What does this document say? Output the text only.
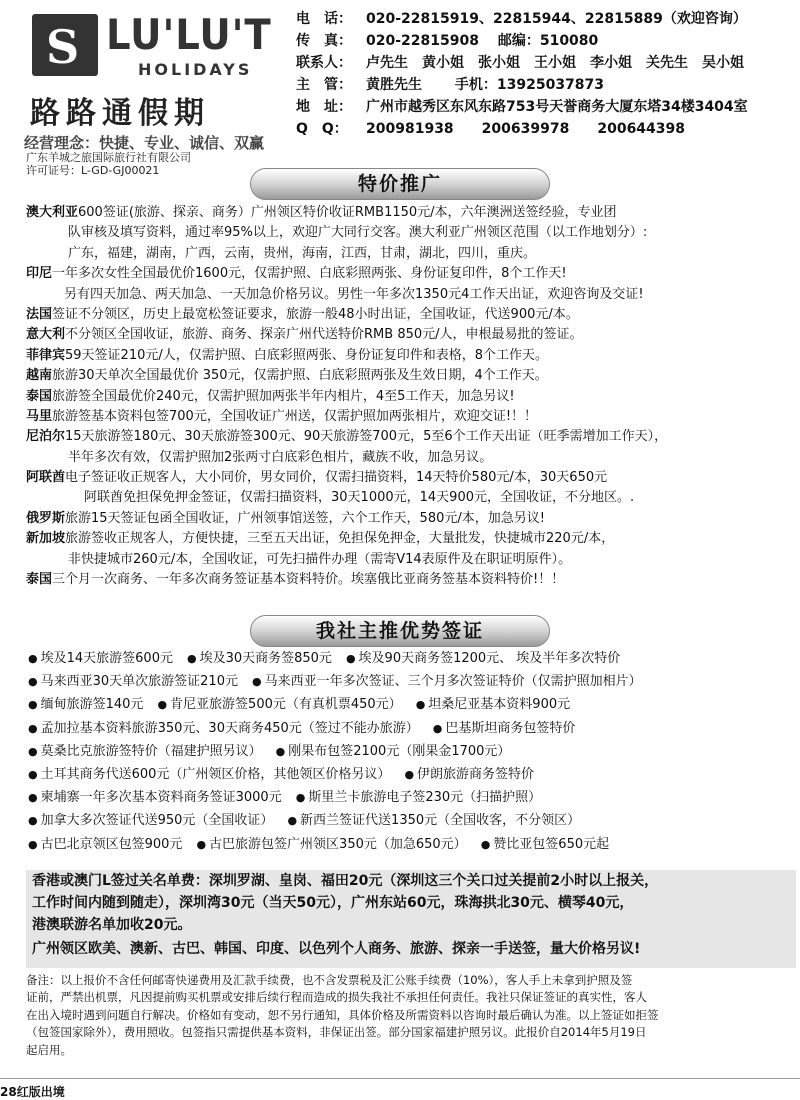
S LU'LU'T
HOLIDAYS
路路通假期
经营理念：快捷、专业、诚信、双赢
广东羊城之旅国际旅行社有限公司
许可证号：L-GD-GJ00021
电　话：	020-22815919、22815944、22815889（欢迎咨询）
传　真：	020-22815908　 邮编：510080
联系人：	卢先生　黄小姐　张小姐　王小姐　李小姐　关先生　吴小姐
主　管：	黄胜先生　　 手机：13925037873
地　址：	广州市越秀区东风东路753号天誉商务大厦东塔34楼3404室
Q　Q：	200981938　　200639978　　200644398
特价推广
澳大利亚600签证(旅游、探亲、商务）广州领区特价收证RMB1150元/本，六年澳洲送签经验，专业团
队审核及填写资料，通过率95%以上，欢迎广大同行交客。澳大利亚广州领区范围（以工作地划分）:
广东，福建，湖南，广西，云南，贵州，海南，江西，甘肃，湖北，四川，重庆。
印尼一年多次女性全国最优价1600元，仅需护照、白底彩照两张、身份证复印件，8个工作天!
另有四天加急、两天加急、一天加急价格另议。男性一年多次1350元4工作天出证，欢迎咨询及交证!
法国签证不分领区，历史上最宽松签证要求，旅游一般48小时出证，全国收证，代送900元/本。
意大利不分领区全国收证，旅游、商务、探亲广州代送特价RMB 850元/人，申根最易批的签证。
菲律宾59天签证210元/人，仅需护照、白底彩照两张、身份证复印件和表格，8个工作天。
越南旅游30天单次全国最优价 350元，仅需护照、白底彩照两张及生效日期，4个工作天。
泰国旅游签全国最优价240元，仅需护照加两张半年内相片，4至5工作天，加急另议!
马里旅游签基本资料包签700元，全国收证广州送，仅需护照加两张相片，欢迎交证!！！
尼泊尔15天旅游签180元、30天旅游签300元、90天旅游签700元，5至6个工作天出证（旺季需增加工作天），
半年多次有效，仅需护照加2张两寸白底彩色相片，藏族不收，加急另议。
阿联酋电子签证收正规客人，大小同价，男女同价，仅需扫描资料，14天特价580元/本，30天650元
阿联酋免担保免押金签证，仅需扫描资料，30天1000元，14天900元，全国收证，不分地区。.
俄罗斯旅游15天签证包函全国收证，广州领事馆送签，六个工作天，580元/本，加急另议!
新加坡旅游签收正规客人，方便快捷，三至五天出证，免担保免押金，大量批发，快捷城市220元/本，
非快捷城市260元/本，全国收证，可先扫描件办理（需寄V14表原件及在职证明原件）。
泰国三个月一次商务、一年多次商务签证基本资料特价。埃塞俄比亚商务签基本资料特价!！！
我社主推优势签证
● 埃及14天旅游签600元	● 埃及30天商务签850元	● 埃及90天商务签1200元、 埃及半年多次特价
● 马来西亚30天单次旅游签证210元	● 马来西亚一年多次签证、三个月多次签证特价（仅需护照加相片）
● 缅甸旅游签140元	● 肯尼亚旅游签500元（有真机票450元）	● 坦桑尼亚基本资料900元
● 孟加拉基本资料旅游350元、30天商务450元（签过不能办旅游）	● 巴基斯坦商务包签特价
● 莫桑比克旅游签特价（福建护照另议）	● 刚果布包签2100元（刚果金1700元）
● 土耳其商务代送600元（广州领区价格，其他领区价格另议）	● 伊朗旅游商务签特价
● 柬埔寨一年多次基本资料商务签证3000元	● 斯里兰卡旅游电子签230元（扫描护照）
● 加拿大多次签证代送950元（全国收证）	● 新西兰签证代送1350元（全国收客，不分领区）
● 古巴北京领区包签900元	● 古巴旅游包签广州领区350元（加急650元）	● 赞比亚包签650元起
香港或澳门L签过关名单费：深圳罗湖、皇岗、福田20元（深圳这三个关口过关提前2小时以上报关，
工作时间内随到随走），深圳湾30元（当天50元），广州东站60元，珠海拱北30元、横琴40元，
港澳联游名单加收20元。
广州领区欧美、澳新、古巴、韩国、印度、以色列个人商务、旅游、探亲一手送签，量大价格另议!
备注：以上报价不含任何邮寄快递费用及汇款手续费，也不含发票税及汇公账手续费（10%），客人手上未拿到护照及签
证前，严禁出机票，凡因提前购买机票或安排后续行程而造成的损失我社不承担任何责任。我社只保证签证的真实性，客人
在出入境时遇到问题自行解决。价格如有变动，恕不另行通知，具体价格及所需资料以咨询时最后确认为准。以上签证如拒签
（包签国家除外），费用照收。包签指只需提供基本资料，非保证出签。部分国家福建护照另议。此报价自2014年5月19日
起启用。
28红版出境
